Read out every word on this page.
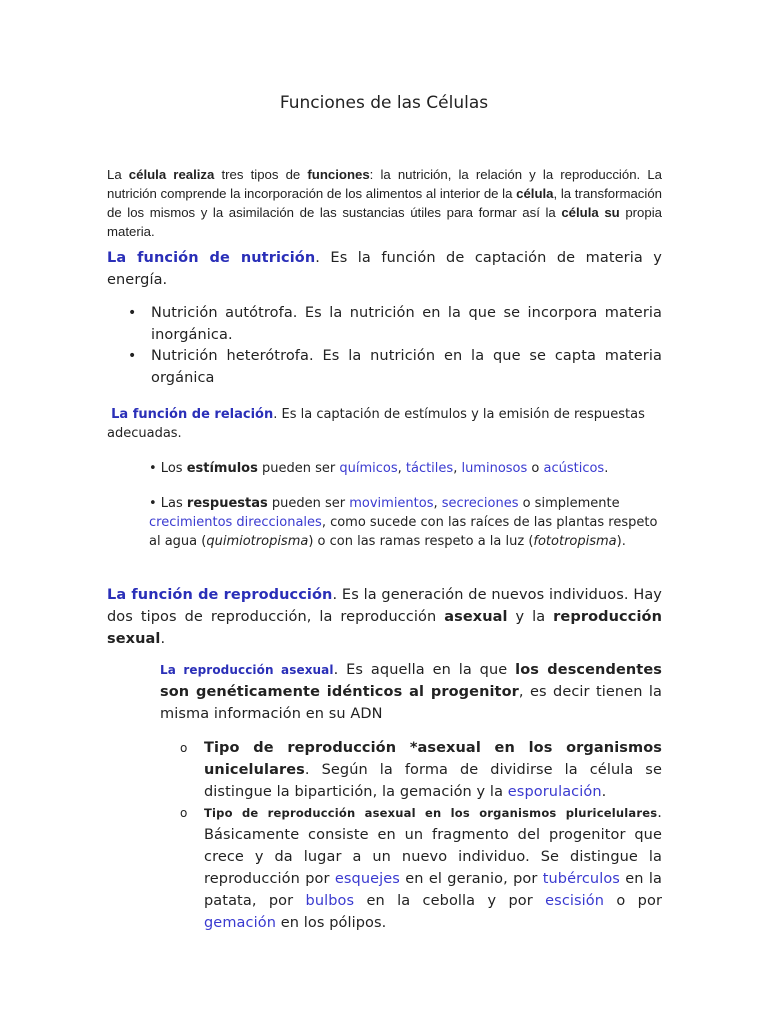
Funciones de las Células
La célula realiza tres tipos de funciones: la nutrición, la relación y la reproducción. La nutrición comprende la incorporación de los alimentos al interior de la célula, la transformación de los mismos y la asimilación de las sustancias útiles para formar así la célula su propia materia.
La función de nutrición. Es la función de captación de materia y energía.
• Nutrición autótrofa. Es la nutrición en la que se incorpora materia inorgánica.
• Nutrición heterótrofa. Es la nutrición en la que se capta materia orgánica
La función de relación. Es la captación de estímulos y la emisión de respuestas adecuadas.
• Los estímulos pueden ser químicos, táctiles, luminosos o acústicos.
• Las respuestas pueden ser movimientos, secreciones o simplemente crecimientos direccionales, como sucede con las raíces de las plantas respeto al agua (quimiotropisma) o con las ramas respeto a la luz (fototropisma).
La función de reproducción. Es la generación de nuevos individuos. Hay dos tipos de reproducción, la reproducción asexual y la reproducción sexual.
La reproducción asexual. Es aquella en la que los descendentes son genéticamente idénticos al progenitor, es decir tienen la misma información en su ADN
o Tipo de reproducción *asexual en los organismos unicelulares. Según la forma de dividirse la célula se distingue la bipartición, la gemación y la esporulación.
o Tipo de reproducción asexual en los organismos pluricelulares. Básicamente consiste en un fragmento del progenitor que crece y da lugar a un nuevo individuo. Se distingue la reproducción por esquejes en el geranio, por tubérculos en la patata, por bulbos en la cebolla y por escisión o por gemación en los pólipos.
